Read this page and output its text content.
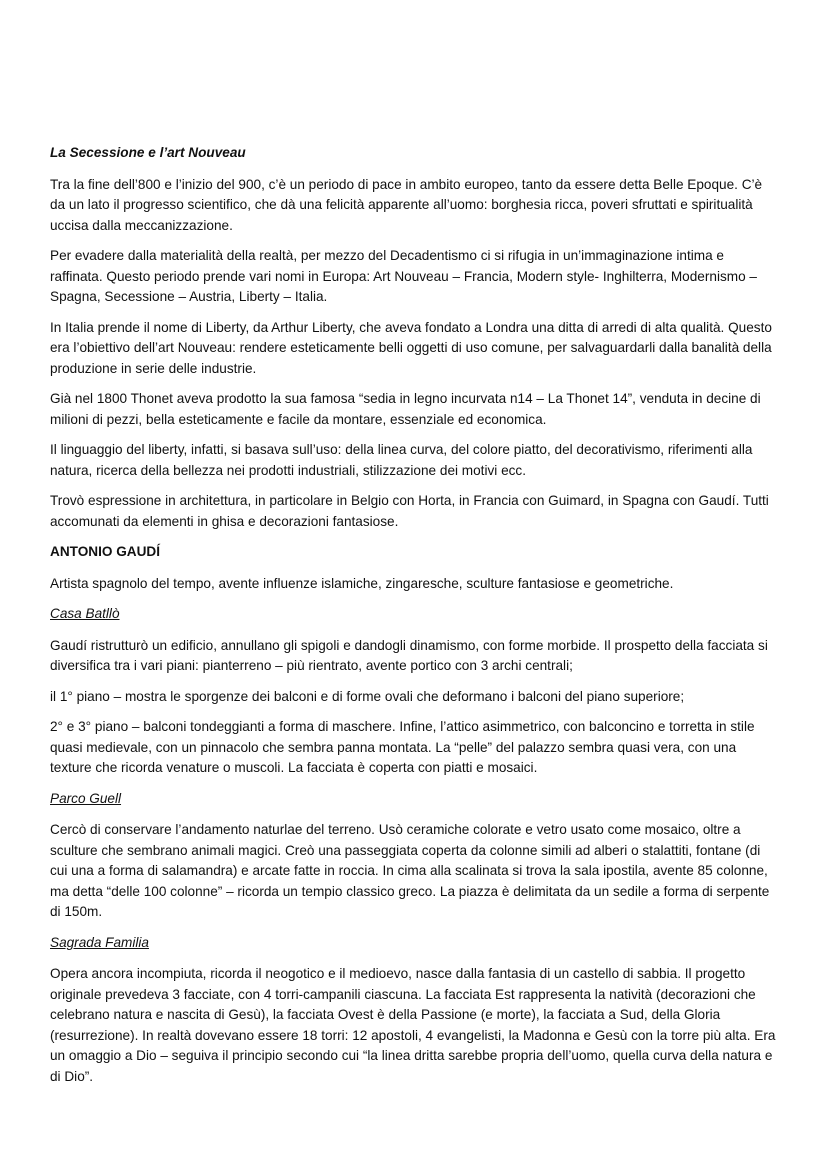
La Secessione e l’art Nouveau

Tra la fine dell’800 e l’inizio del 900, c’è un periodo di pace in ambito europeo, tanto da essere detta Belle Epoque. C’è da un lato il progresso scientifico, che dà una felicità apparente all’uomo: borghesia ricca, poveri sfruttati e spiritualità uccisa dalla meccanizzazione.

Per evadere dalla materialità della realtà, per mezzo del Decadentismo ci si rifugia in un’immaginazione intima e raffinata. Questo periodo prende vari nomi in Europa: Art Nouveau – Francia, Modern style- Inghilterra, Modernismo – Spagna, Secessione – Austria, Liberty – Italia.

In Italia prende il nome di Liberty, da Arthur Liberty, che aveva fondato a Londra una ditta di arredi di alta qualità. Questo era l’obiettivo dell’art Nouveau: rendere esteticamente belli oggetti di uso comune, per salvaguardarli dalla banalità della produzione in serie delle industrie.

Già nel 1800 Thonet aveva prodotto la sua famosa “sedia in legno incurvata n14 – La Thonet 14”, venduta in decine di milioni di pezzi, bella esteticamente e facile da montare, essenziale ed economica.

Il linguaggio del liberty, infatti, si basava sull’uso: della linea curva, del colore piatto, del decorativismo, riferimenti alla natura, ricerca della bellezza nei prodotti industriali, stilizzazione dei motivi ecc.

Trovò espressione in architettura, in particolare in Belgio con Horta, in Francia con Guimard, in Spagna con Gaudí. Tutti accomunati da elementi in ghisa e decorazioni fantasiose.

ANTONIO GAUDÍ

Artista spagnolo del tempo, avente influenze islamiche, zingaresche, sculture fantasiose e geometriche.

Casa Batllò

Gaudí ristrutturò un edificio, annullano gli spigoli e dandogli dinamismo, con forme morbide. Il prospetto della facciata si diversifica tra i vari piani: pianterreno – più rientrato, avente portico con 3 archi centrali;

il 1° piano – mostra le sporgenze dei balconi e di forme ovali che deformano i balconi del piano superiore;

2° e 3° piano – balconi tondeggianti a forma di maschere. Infine, l’attico asimmetrico, con balconcino e torretta in stile quasi medievale, con un pinnacolo che sembra panna montata. La “pelle” del palazzo sembra quasi vera, con una texture che ricorda venature o muscoli. La facciata è coperta con piatti e mosaici.

Parco Guell

Cercò di conservare l’andamento naturlae del terreno. Usò ceramiche colorate e vetro usato come mosaico, oltre a sculture che sembrano animali magici. Creò una passeggiata coperta da colonne simili ad alberi o stalattiti, fontane (di cui una a forma di salamandra) e arcate fatte in roccia. In cima alla scalinata si trova la sala ipostila, avente 85 colonne, ma detta “delle 100 colonne” – ricorda un tempio classico greco. La piazza è delimitata da un sedile a forma di serpente di 150m.

Sagrada Familia

Opera ancora incompiuta, ricorda il neogotico e il medioevo, nasce dalla fantasia di un castello di sabbia. Il progetto originale prevedeva 3 facciate, con 4 torri-campanili ciascuna. La facciata Est rappresenta la natività (decorazioni che celebrano natura e nascita di Gesù), la facciata Ovest è della Passione (e morte), la facciata a Sud, della Gloria (resurrezione). In realtà dovevano essere 18 torri: 12 apostoli, 4 evangelisti, la Madonna e Gesù con la torre più alta. Era un omaggio a Dio – seguiva il principio secondo cui “la linea dritta sarebbe propria dell’uomo, quella curva della natura e di Dio”.
